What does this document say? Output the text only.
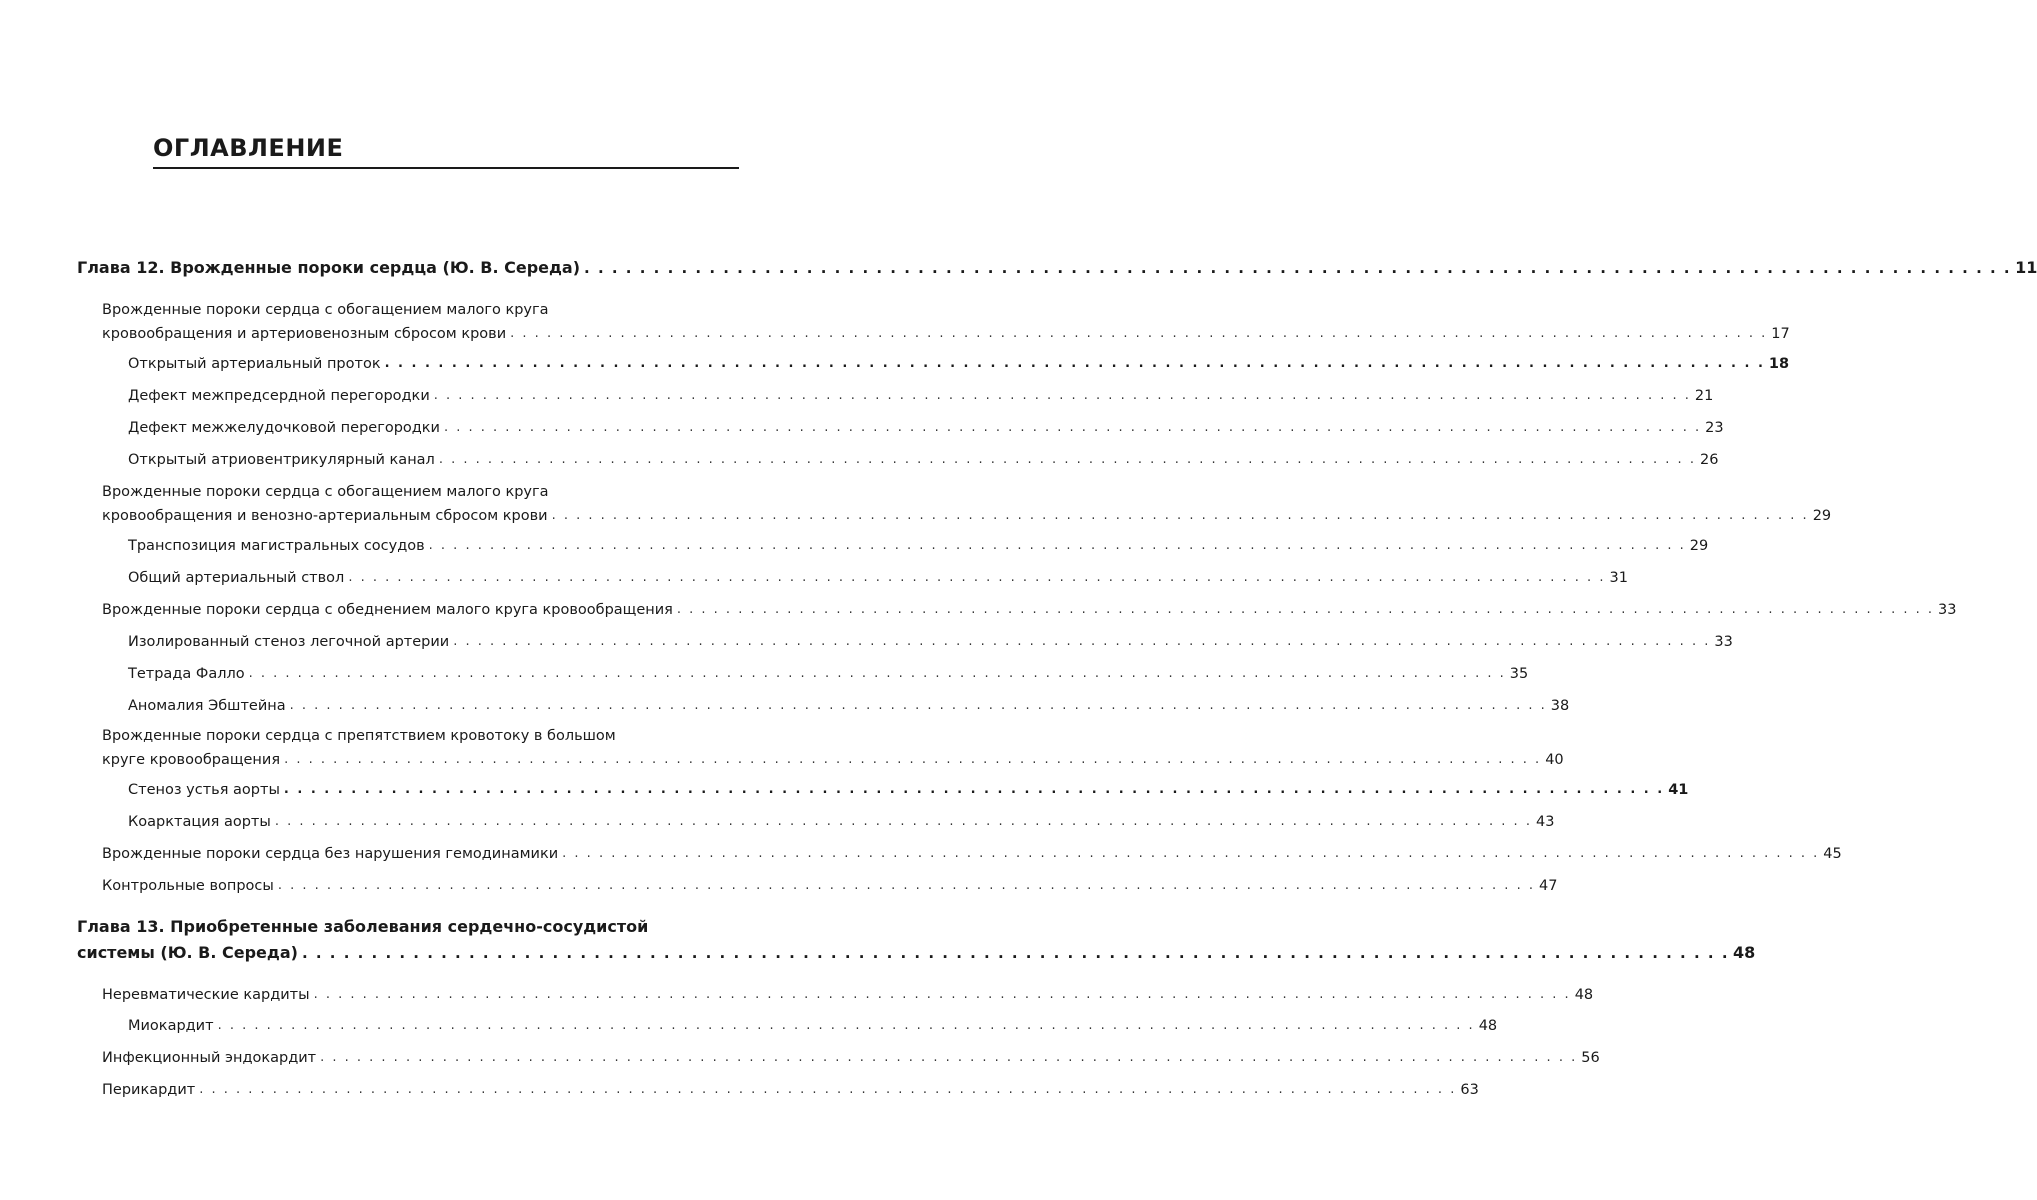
ОГЛАВЛЕНИЕ
Глава 12. Врожденные пороки сердца (Ю. В. Середа) . . .	11
Врожденные пороки сердца с обогащением малого круга
кровообращения и артериовенозным сбросом крови . . .	17
Открытый артериальный проток . . .	18
Дефект межпредсердной перегородки . . .	21
Дефект межжелудочковой перегородки . . .	23
Открытый атриовентрикулярный канал . . .	26
Врожденные пороки сердца с обогащением малого круга
кровообращения и венозно-артериальным сбросом крови . . .	29
Транспозиция магистральных сосудов . . .	29
Общий артериальный ствол . . .	31
Врожденные пороки сердца с обеднением малого круга кровообращения . . .	33
Изолированный стеноз легочной артерии . . .	33
Тетрада Фалло . . .	35
Аномалия Эбштейна . . .	38
Врожденные пороки сердца с препятствием кровотоку в большом
круге кровообращения . . .	40
Стеноз устья аорты . . .	41
Коарктация аорты . . .	43
Врожденные пороки сердца без нарушения гемодинамики . . .	45
Контрольные вопросы . . .	47
Глава 13. Приобретенные заболевания сердечно-сосудистой
системы (Ю. В. Середа) . . .	48
Неревматические кардиты . . .	48
Миокардит . . .	48
Инфекционный эндокардит . . .	56
Перикардит . . .	63
